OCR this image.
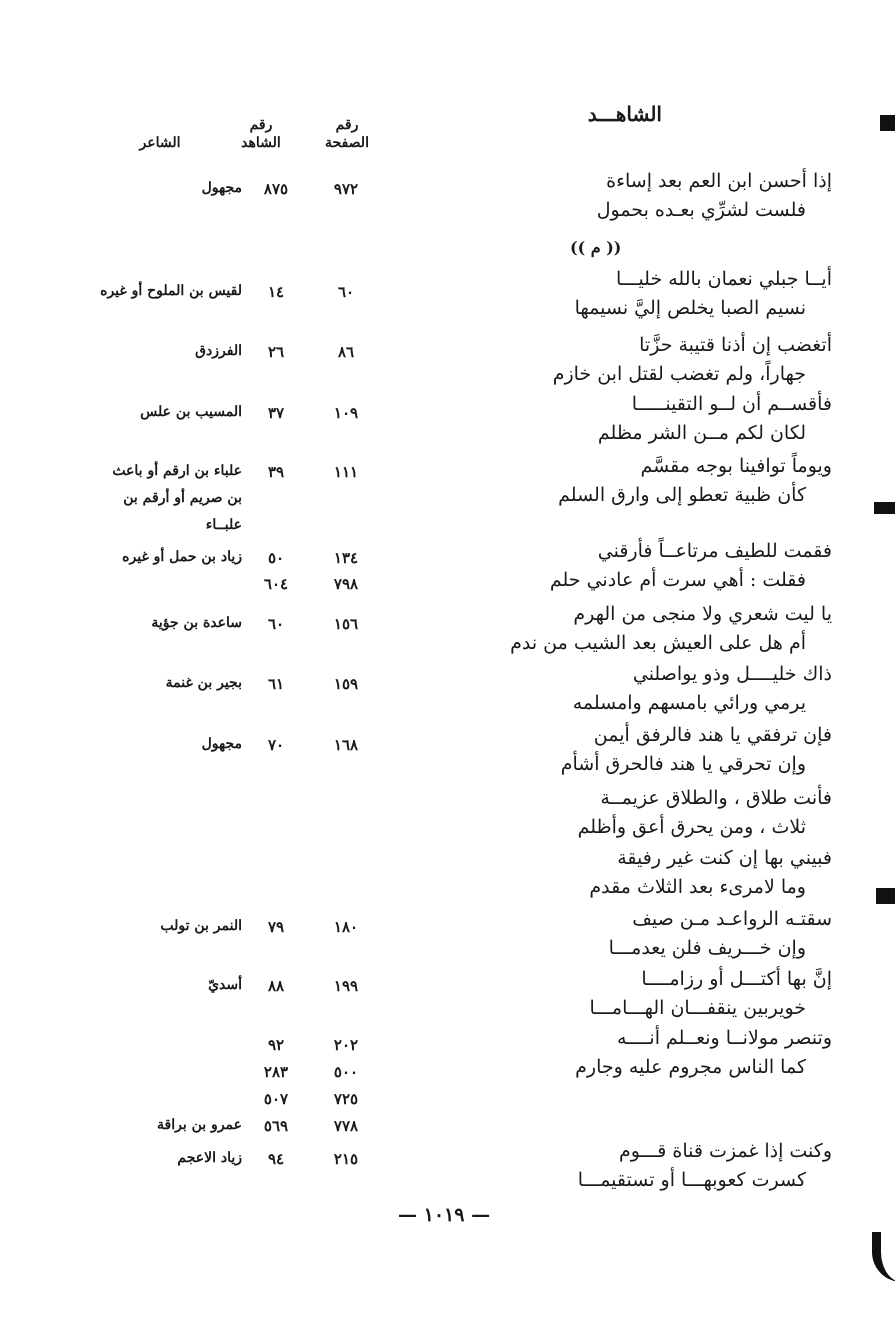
الشاهـــد
رقم
الصفحة
رقم
الشاهد
الشاعر
(( م ))
إذا أحسن ابن العم بعد إساءة
فلست لشرِّي بعـده بحمول
أيــا جبلي نعمان بالله خليـــا
نسيم الصبا يخلص إليَّ نسيمها
أتغضب إن أذنا قتيبة حزَّتا
جهاراً، ولم تغضب لقتل ابن خازم
فأقســم أن لــو التقينـــــا
لكان لكم مــن الشر مظلم
ويوماً توافينا بوجه مقسَّم
كأن ظبية تعطو إلى وارق السلم
فقمت للطيف مرتاعــاً فأرقني
فقلت : أهي سرت أم عادني حلم
يا ليت شعري ولا منجى من الهرم
أم هل على العيش بعد الشيب من ندم
ذاك خليــــل وذو يواصلني
يرمي ورائي بامسهم وامسلمه
فإن ترفقي يا هند فالرفق أيمن
وإن تحرقي يا هند فالحرق أشأم
فأنت طلاق ، والطلاق عزيمــة
ثلاث ، ومن يحرق أعق وأظلم
فبيني بها إن كنت غير رفيقة
وما لامرىء بعد الثلاث مقدم
سقتـه الرواعـد مـن صيف
وإن خـــريف فلن يعدمـــا
إنَّ بها أكتـــل أو رزامــــا
خويربين ينقفـــان الهـــامـــا
وتنصر مولانــا ونعــلم أنــــه
كما الناس مجروم عليه وجارم
وكنت إذا غمزت قناة قـــوم
كسرت كعوبهـــا أو تستقيمـــا
٩٧٢
٨٧٥
مجهول
٦٠
١٤
لقيس بن الملوح أو غيره
٨٦
٢٦
الفرزدق
١٠٩
٣٧
المسيب بن علس
١١١
٣٩
علباء بن ارقم أو باعث
بن صريم أو أرقم بن
علبــاء
١٣٤
٥٠
زياد بن حمل أو غيره
٧٩٨
٦٠٤
١٥٦
٦٠
ساعدة بن جؤية
١٥٩
٦١
بجير بن غنمة
١٦٨
٧٠
مجهول
١٨٠
٧٩
النمر بن تولب
١٩٩
٨٨
أسديّ
٢٠٢
٩٢
٥٠٠
٢٨٣
٧٢٥
٥٠٧
٧٧٨
٥٦٩
عمرو بن براقة
٢١٥
٩٤
زياد الاعجم
— ١٠١٩ —
